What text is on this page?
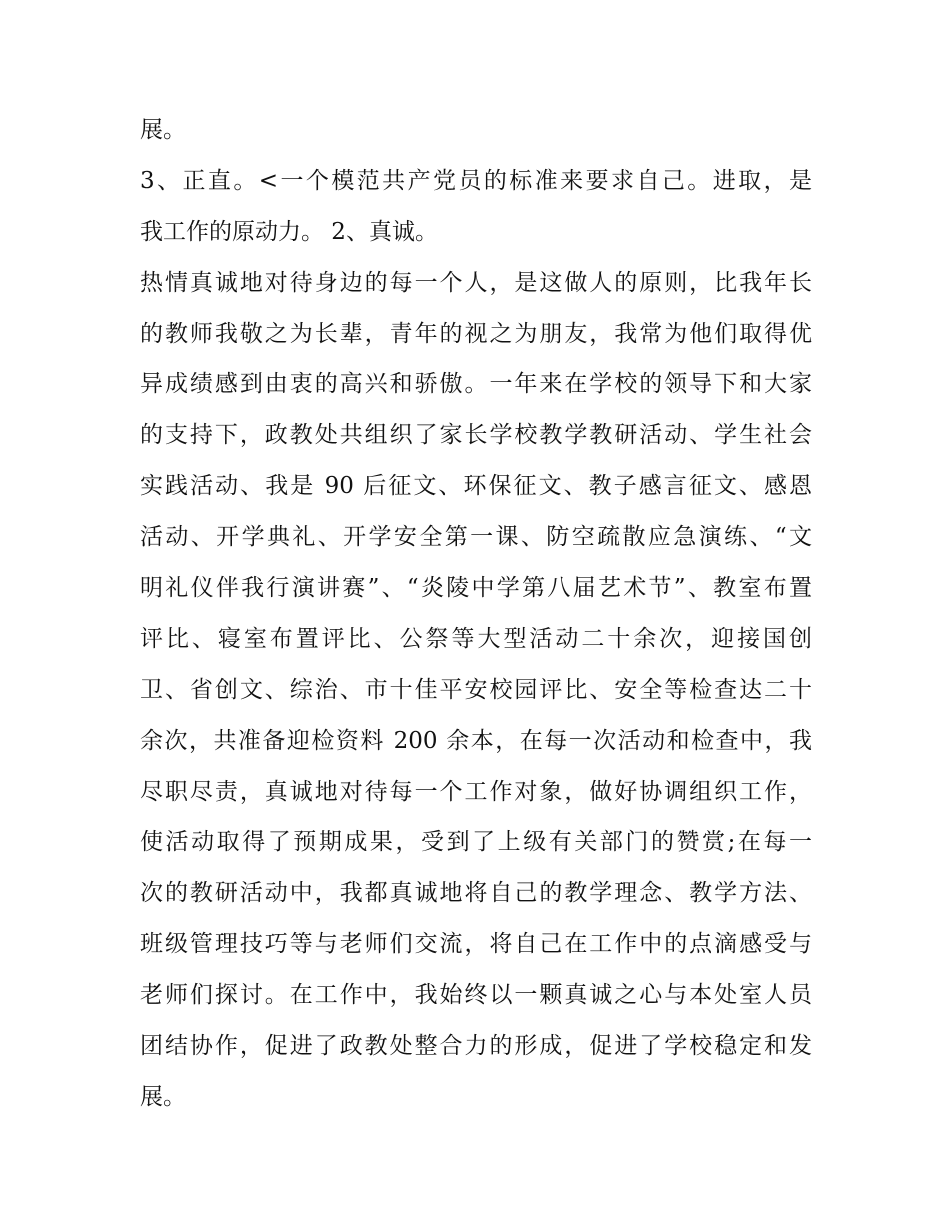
展。
3、正直。<一个模范共产党员的标准来要求自己。进取，是
我工作的原动力。 2、真诚。
热情真诚地对待身边的每一个人，是这做人的原则，比我年长
的教师我敬之为长辈，青年的视之为朋友，我常为他们取得优
异成绩感到由衷的高兴和骄傲。一年来在学校的领导下和大家
的支持下，政教处共组织了家长学校教学教研活动、学生社会
实践活动、我是 90 后征文、环保征文、教子感言征文、感恩
活动、开学典礼、开学安全第一课、防空疏散应急演练、“文
明礼仪伴我行演讲赛”、“炎陵中学第八届艺术节”、教室布置
评比、寝室布置评比、公祭等大型活动二十余次，迎接国创
卫、省创文、综治、市十佳平安校园评比、安全等检查达二十
余次，共准备迎检资料 200 余本，在每一次活动和检查中，我
尽职尽责，真诚地对待每一个工作对象，做好协调组织工作，
使活动取得了预期成果，受到了上级有关部门的赞赏;在每一
次的教研活动中，我都真诚地将自己的教学理念、教学方法、
班级管理技巧等与老师们交流，将自己在工作中的点滴感受与
老师们探讨。在工作中，我始终以一颗真诚之心与本处室人员
团结协作，促进了政教处整合力的形成，促进了学校稳定和发
展。
